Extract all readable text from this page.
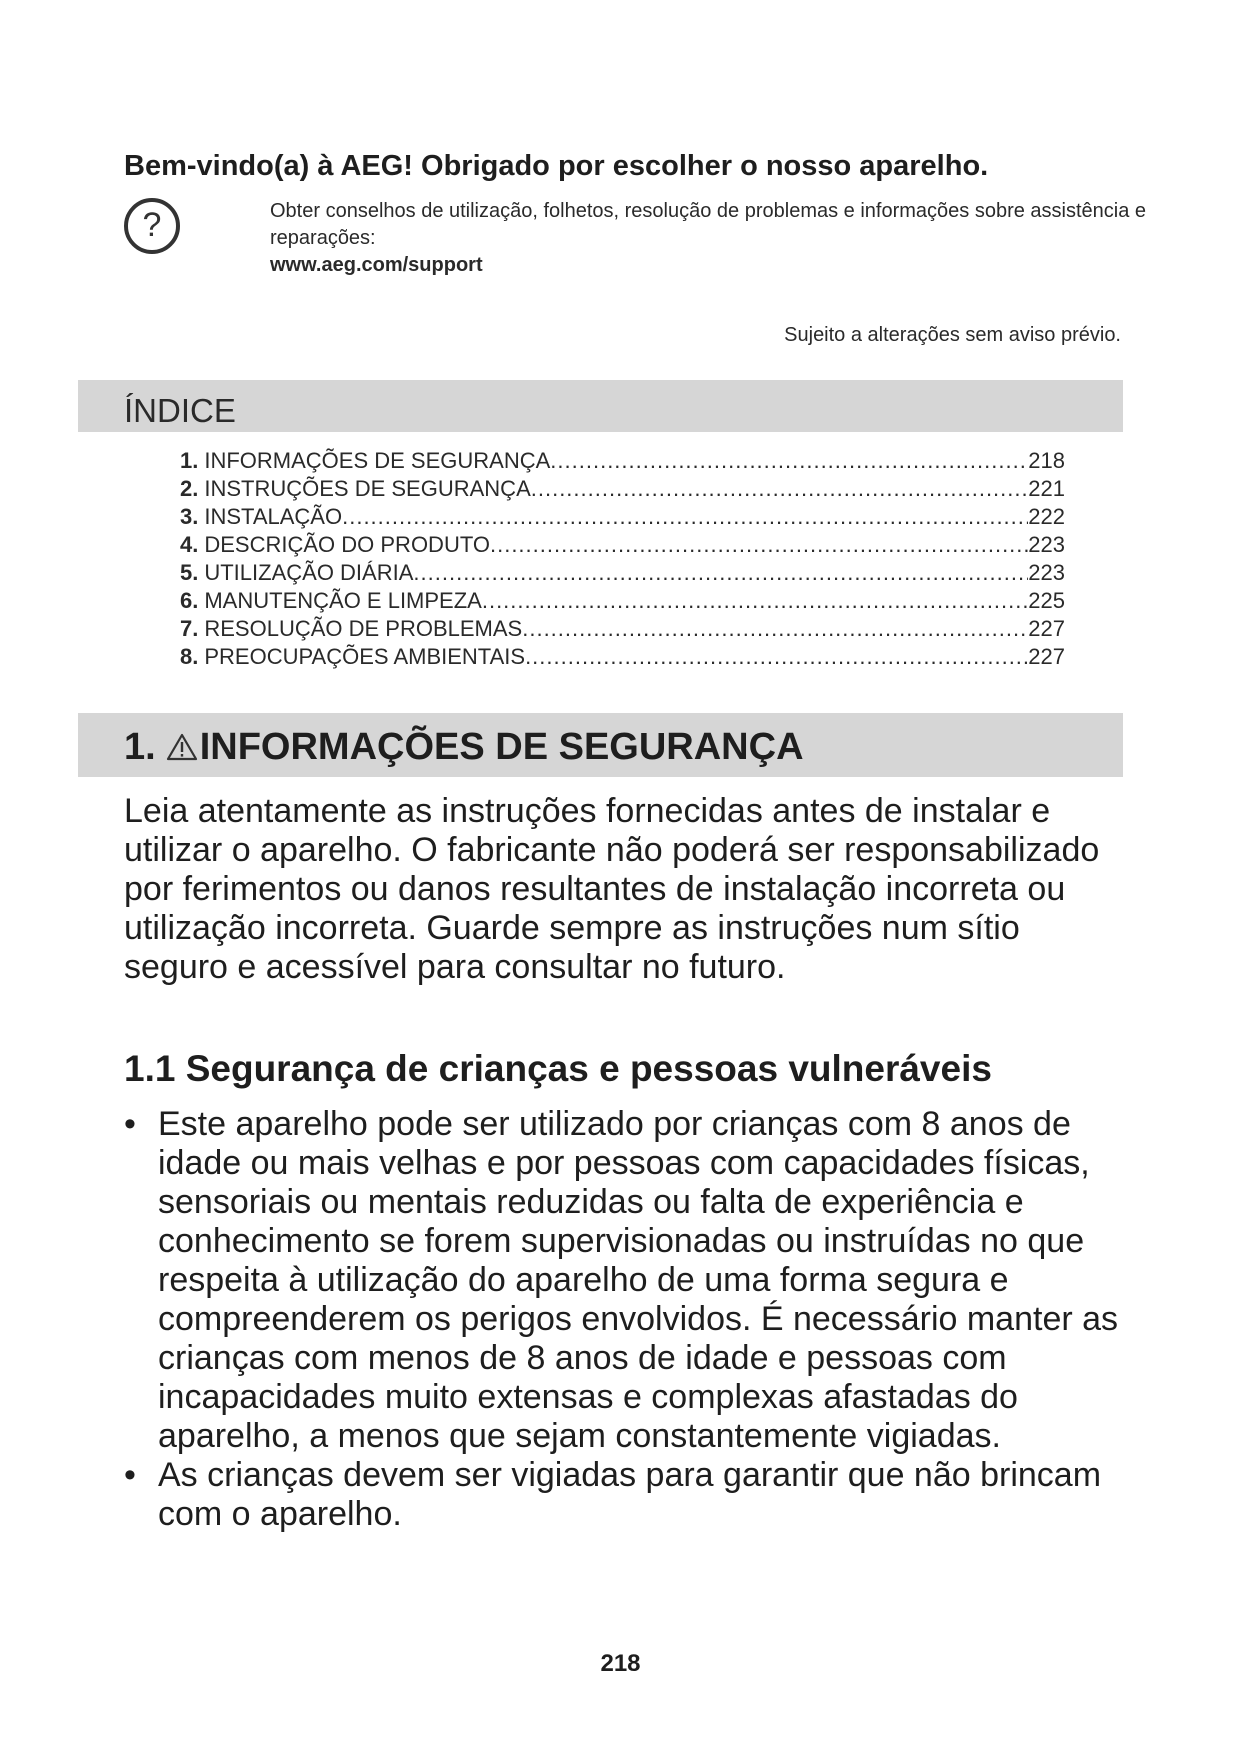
Bem-vindo(a) à AEG! Obrigado por escolher o nosso aparelho.
?	Obter conselhos de utilização, folhetos, resolução de problemas e informações sobre assistência e reparações:
www.aeg.com/support
Sujeito a alterações sem aviso prévio.
ÍNDICE
1. INFORMAÇÕES DE SEGURANÇA .....	218
2. INSTRUÇÕES DE SEGURANÇA .....	221
3. INSTALAÇÃO .....	222
4. DESCRIÇÃO DO PRODUTO .....	223
5. UTILIZAÇÃO DIÁRIA .....	223
6. MANUTENÇÃO E LIMPEZA .....	225
7. RESOLUÇÃO DE PROBLEMAS .....	227
8. PREOCUPAÇÕES AMBIENTAIS .....	227
1. INFORMAÇÕES DE SEGURANÇA

Leia atentamente as instruções fornecidas antes de instalar e utilizar o aparelho. O fabricante não poderá ser responsabilizado por ferimentos ou danos resultantes de instalação incorreta ou utilização incorreta. Guarde sempre as instruções num sítio seguro e acessível para consultar no futuro.

1.1 Segurança de crianças e pessoas vulneráveis

• Este aparelho pode ser utilizado por crianças com 8 anos de idade ou mais velhas e por pessoas com capacidades físicas, sensoriais ou mentais reduzidas ou falta de experiência e conhecimento se forem supervisionadas ou instruídas no que respeita à utilização do aparelho de uma forma segura e compreenderem os perigos envolvidos. É necessário manter as crianças com menos de 8 anos de idade e pessoas com incapacidades muito extensas e complexas afastadas do aparelho, a menos que sejam constantemente vigiadas.

• As crianças devem ser vigiadas para garantir que não brincam com o aparelho.

218
